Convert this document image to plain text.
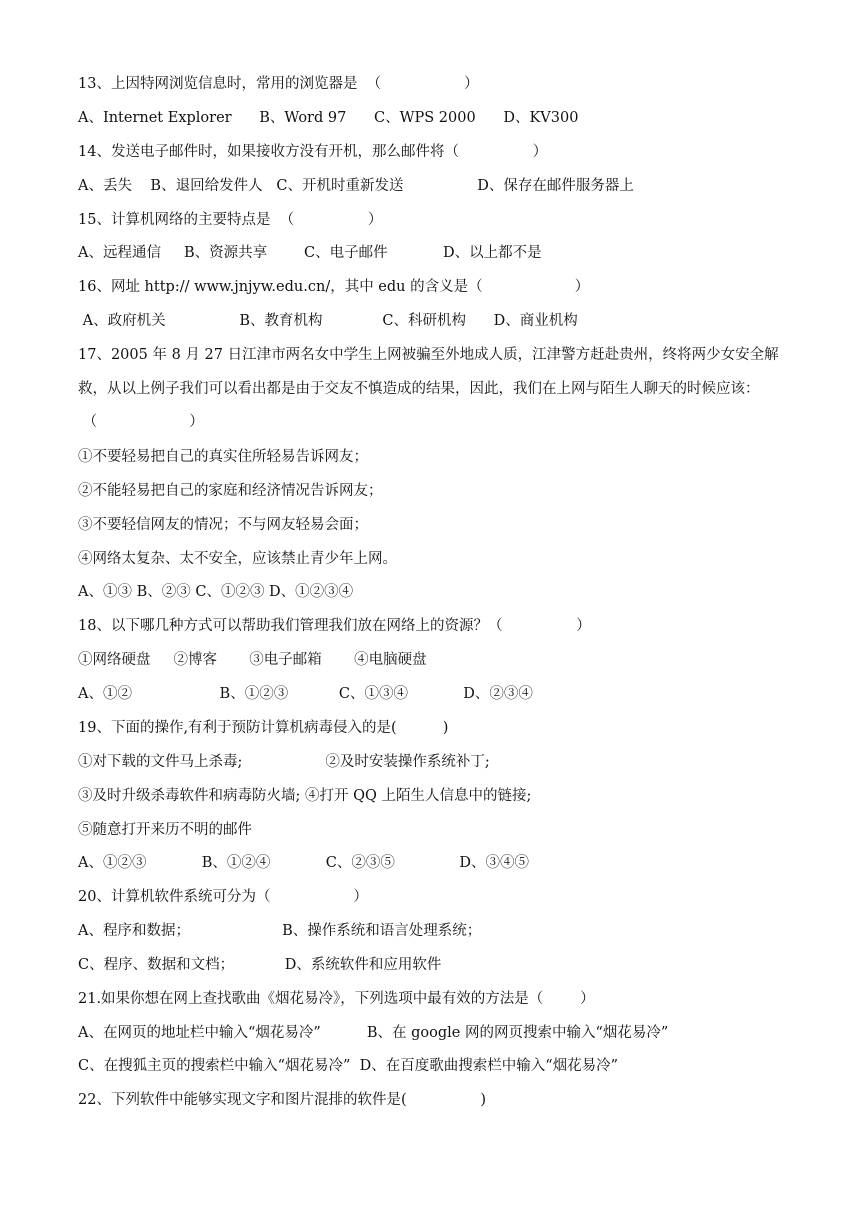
13、上因特网浏览信息时，常用的浏览器是  （                  ）
A、Internet Explorer      B、Word 97      C、WPS 2000      D、KV300
14、发送电子邮件时，如果接收方没有开机，那么邮件将（                ）
A、丢失    B、退回给发件人   C、开机时重新发送                D、保存在邮件服务器上
15、计算机网络的主要特点是  （                ）
A、远程通信     B、资源共享        C、电子邮件            D、以上都不是
16、网址 http:// www.jnjyw.edu.cn/，其中 edu 的含义是（                    ）
A、政府机关                B、教育机构             C、科研机构      D、商业机构
17、2005 年 8 月 27 日江津市两名女中学生上网被骗至外地成人质，江津警方赶赴贵州，终将两少女安全解
救，从以上例子我们可以看出都是由于交友不慎造成的结果，因此，我们在上网与陌生人聊天的时候应该：
（                    ）
①不要轻易把自己的真实住所轻易告诉网友；
②不能轻易把自己的家庭和经济情况告诉网友；
③不要轻信网友的情况；不与网友轻易会面；
④网络太复杂、太不安全，应该禁止青少年上网。
A、①③ B、②③ C、①②③ D、①②③④
18、以下哪几种方式可以帮助我们管理我们放在网络上的资源？（                ）
①网络硬盘     ②博客       ③电子邮箱       ④电脑硬盘
A、①②                   B、①②③           C、①③④            D、②③④
19、下面的操作,有利于预防计算机病毒侵入的是(          )
①对下载的文件马上杀毒;                  ②及时安装操作系统补丁;
③及时升级杀毒软件和病毒防火墙; ④打开 QQ 上陌生人信息中的链接;
⑤随意打开来历不明的邮件
A、①②③            B、①②④            C、②③⑤              D、③④⑤
20、计算机软件系统可分为（                  ）
A、程序和数据；                    B、操作系统和语言处理系统；
C、程序、数据和文档；           D、系统软件和应用软件
21.如果你想在网上查找歌曲《烟花易冷》，下列选项中最有效的方法是（        ）
A、在网页的地址栏中输入“烟花易冷”          B、在 google 网的网页搜索中输入“烟花易冷”
C、在搜狐主页的搜索栏中输入“烟花易冷”  D、在百度歌曲搜索栏中输入“烟花易冷”
22、下列软件中能够实现文字和图片混排的软件是(                )
